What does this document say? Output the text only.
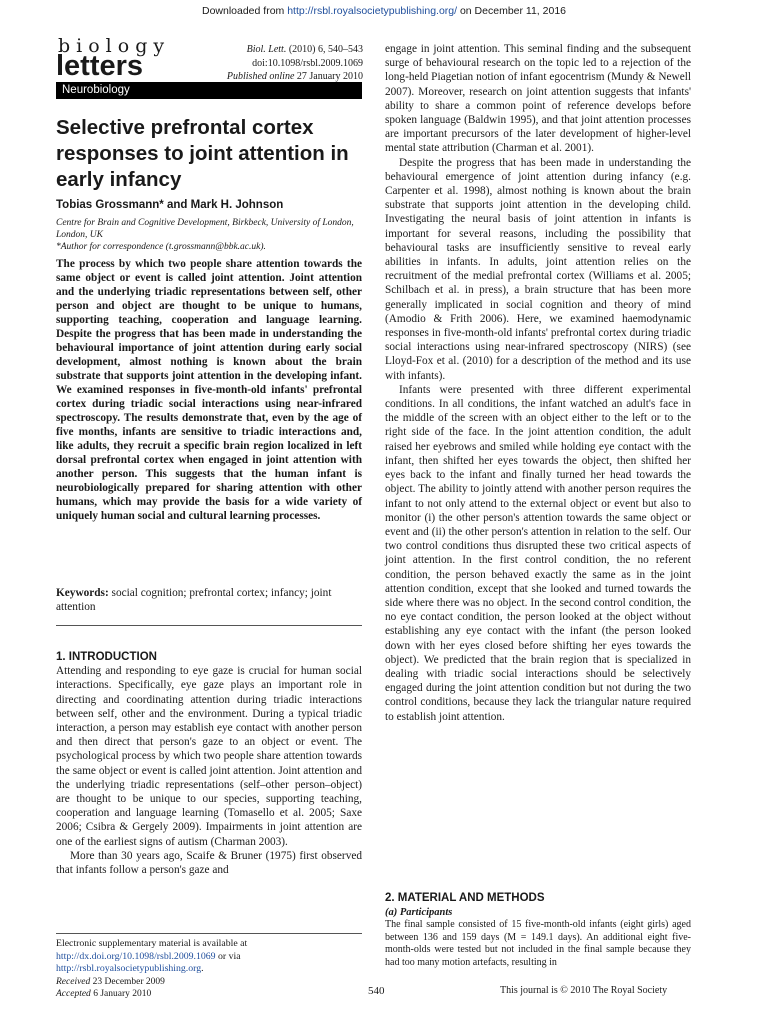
Downloaded from http://rsbl.royalsocietypublishing.org/ on December 11, 2016
biology
letters
Neurobiology
Biol. Lett. (2010) 6, 540–543
doi:10.1098/rsbl.2009.1069
Published online 27 January 2010
Selective prefrontal cortex responses to joint attention in early infancy
Tobias Grossmann* and Mark H. Johnson
Centre for Brain and Cognitive Development, Birkbeck, University of London, London, UK
*Author for correspondence (t.grossmann@bbk.ac.uk).
The process by which two people share attention towards the same object or event is called joint attention. Joint attention and the underlying triadic representations between self, other person and object are thought to be unique to humans, supporting teaching, cooperation and language learning. Despite the progress that has been made in understanding the behavioural importance of joint attention during early social development, almost nothing is known about the brain substrate that supports joint attention in the developing infant. We examined responses in five-month-old infants' prefrontal cortex during triadic social interactions using near-infrared spectroscopy. The results demonstrate that, even by the age of five months, infants are sensitive to triadic interactions and, like adults, they recruit a specific brain region localized in left dorsal prefrontal cortex when engaged in joint attention with another person. This suggests that the human infant is neurobiologically prepared for sharing attention with other humans, which may provide the basis for a wide variety of uniquely human social and cultural learning processes.
Keywords: social cognition; prefrontal cortex; infancy; joint attention

1. INTRODUCTION

Attending and responding to eye gaze is crucial for human social interactions. Specifically, eye gaze plays an important role in directing and coordinating attention during triadic interactions between self, other and the environment. During a typical triadic interaction, a person may establish eye contact with another person and then direct that person's gaze to an object or event. The psychological process by which two people share attention towards the same object or event is called joint attention. Joint attention and the underlying triadic representations (self–other person–object) are thought to be unique to our species, supporting teaching, cooperation and language learning (Tomasello et al. 2005; Saxe 2006; Csibra & Gergely 2009). Impairments in joint attention are one of the earliest signs of autism (Charman 2003).

More than 30 years ago, Scaife & Bruner (1975) first observed that infants follow a person's gaze and

Electronic supplementary material is available at http://dx.doi.org/10.1098/rsbl.2009.1069 or via http://rsbl.royalsocietypublishing.org.

engage in joint attention. This seminal finding and the subsequent surge of behavioural research on the topic led to a rejection of the long-held Piagetian notion of infant egocentrism (Mundy & Newell 2007). Moreover, research on joint attention suggests that infants' ability to share a common point of reference develops before spoken language (Baldwin 1995), and that joint attention processes are important precursors of the later development of higher-level mental state attribution (Charman et al. 2001).

Despite the progress that has been made in understanding the behavioural emergence of joint attention during infancy (e.g. Carpenter et al. 1998), almost nothing is known about the brain substrate that supports joint attention in the developing child. Investigating the neural basis of joint attention in infants is important for several reasons, including the possibility that behavioural tasks are insufficiently sensitive to reveal early abilities in infants. In adults, joint attention relies on the recruitment of the medial prefrontal cortex (Williams et al. 2005; Schilbach et al. in press), a brain structure that has been more generally implicated in social cognition and theory of mind (Amodio & Frith 2006). Here, we examined haemodynamic responses in five-month-old infants' prefrontal cortex during triadic social interactions using near-infrared spectroscopy (NIRS) (see Lloyd-Fox et al. (2010) for a description of the method and its use with infants).

Infants were presented with three different experimental conditions. In all conditions, the infant watched an adult's face in the middle of the screen with an object either to the left or to the right side of the face. In the joint attention condition, the adult raised her eyebrows and smiled while holding eye contact with the infant, then shifted her eyes towards the object, then shifted her eyes back to the infant and finally turned her head towards the object. The ability to jointly attend with another person requires the infant to not only attend to the external object or event but also to monitor (i) the other person's attention towards the same object or event and (ii) the other person's attention in relation to the self. Our two control conditions thus disrupted these two critical aspects of joint attention. In the first control condition, the no referent condition, the person behaved exactly the same as in the joint attention condition, except that she looked and turned towards the side where there was no object. In the second control condition, the no eye contact condition, the person looked at the object without establishing any eye contact with the infant (the person looked down with her eyes closed before shifting her eyes towards the object). We predicted that the brain region that is specialized in dealing with triadic social interactions should be selectively engaged during the joint attention condition but not during the two control conditions, because they lack the triangular nature required to establish joint attention.

2. MATERIAL AND METHODS
(a) Participants
The final sample consisted of 15 five-month-old infants (eight girls) aged between 136 and 159 days (M = 149.1 days). An additional eight five-month-olds were tested but not included in the final sample because they had too many motion artefacts, resulting in
Received 23 December 2009
Accepted 6 January 2010	540	This journal is © 2010 The Royal Society
